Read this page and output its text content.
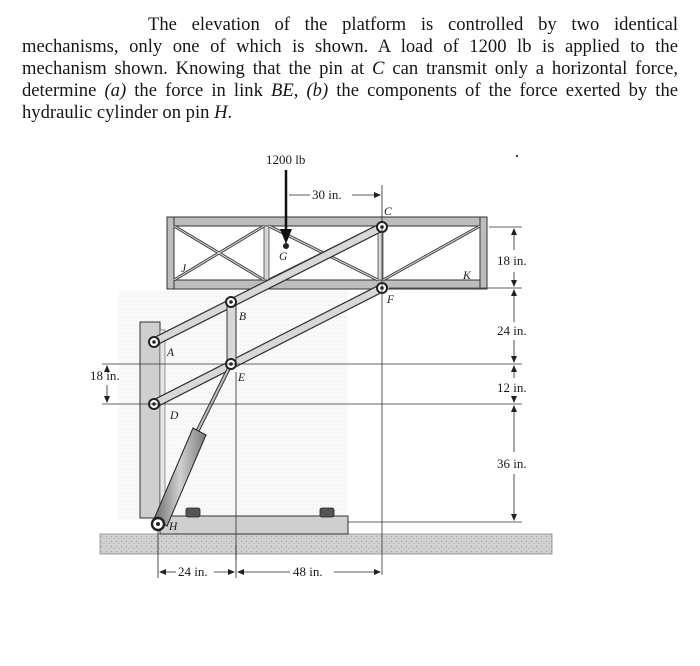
The elevation of the platform is controlled by two identical mechanisms, only one of which is shown. A load of 1200 lb is applied to the mechanism shown. Knowing that the pin at C can transmit only a horizontal force, determine (a) the force in link BE, (b) the components of the force exerted by the hydraulic cylinder on pin H.

1200 lb
30 in.
18 in.
24 in.
12 in.
36 in.
18 in.
24 in.	48 in.
C
F
A
B
E
D
G
J
K
H
